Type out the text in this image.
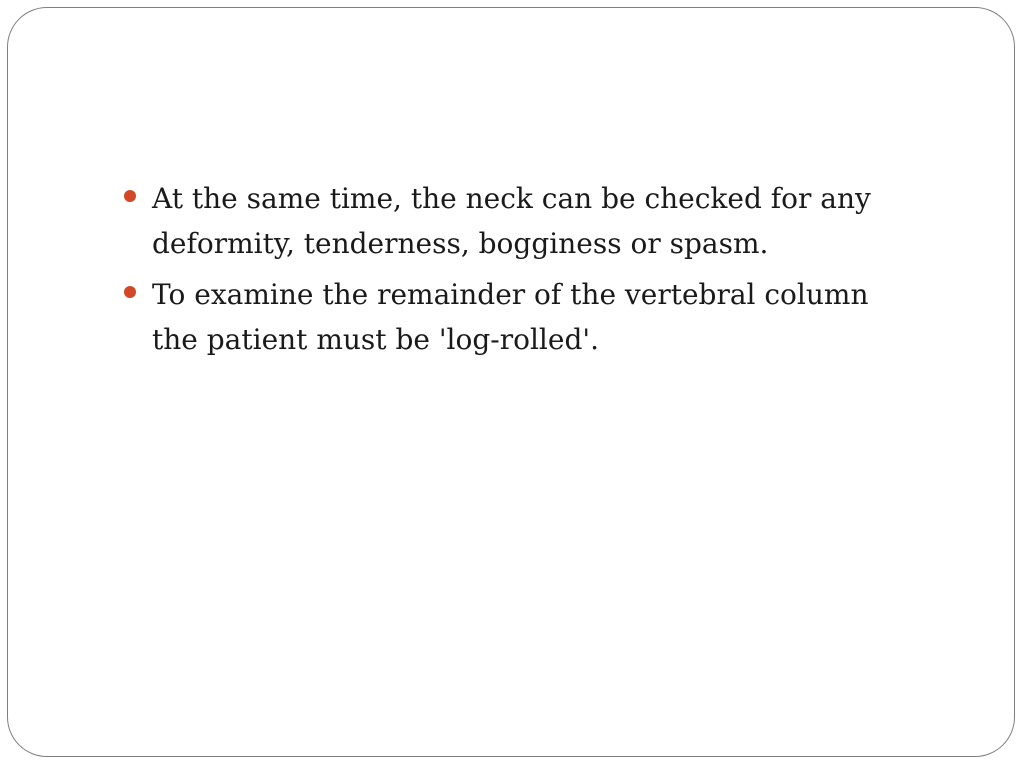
At the same time, the neck can be checked for any deformity, tenderness, bogginess or spasm.
To examine the remainder of the vertebral column the patient must be 'log-rolled'.
